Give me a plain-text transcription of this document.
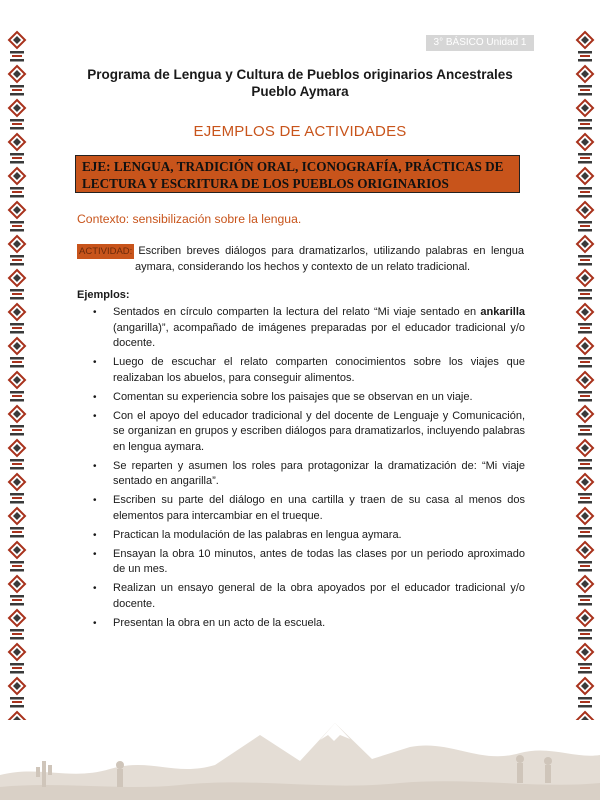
3° BÁSICO Unidad 1
Programa de Lengua y Cultura de Pueblos originarios Ancestrales
Pueblo Aymara
EJEMPLOS DE ACTIVIDADES
EJE: LENGUA, TRADICIÓN ORAL, ICONOGRAFÍA, PRÁCTICAS DE
LECTURA Y ESCRITURA DE LOS PUEBLOS ORIGINARIOS
Contexto: sensibilización sobre la lengua.
ACTIVIDAD: Escriben breves diálogos para dramatizarlos, utilizando palabras en lengua aymara, considerando los hechos y contexto de un relato tradicional.
Ejemplos:
• Sentados en círculo comparten la lectura del relato “Mi viaje sentado en ankarilla (angarilla)”, acompañado de imágenes preparadas por el educador tradicional y/o docente.
• Luego de escuchar el relato comparten conocimientos sobre los viajes que realizaban los abuelos, para conseguir alimentos.
• Comentan su experiencia sobre los paisajes que se observan en un viaje.
• Con el apoyo del educador tradicional y del docente de Lenguaje y Comunicación, se organizan en grupos y escriben diálogos para dramatizarlos, incluyendo palabras en lengua aymara.
• Se reparten y asumen los roles para protagonizar la dramatización de: “Mi viaje sentado en angarilla”.
• Escriben su parte del diálogo en una cartilla y traen de su casa al menos dos elementos para intercambiar en el trueque.
• Practican la modulación de las palabras en lengua aymara.
• Ensayan la obra 10 minutos, antes de todas las clases por un periodo aproximado de un mes.
• Realizan un ensayo general de la obra apoyados por el educador tradicional y/o docente.
• Presentan la obra en un acto de la escuela.
